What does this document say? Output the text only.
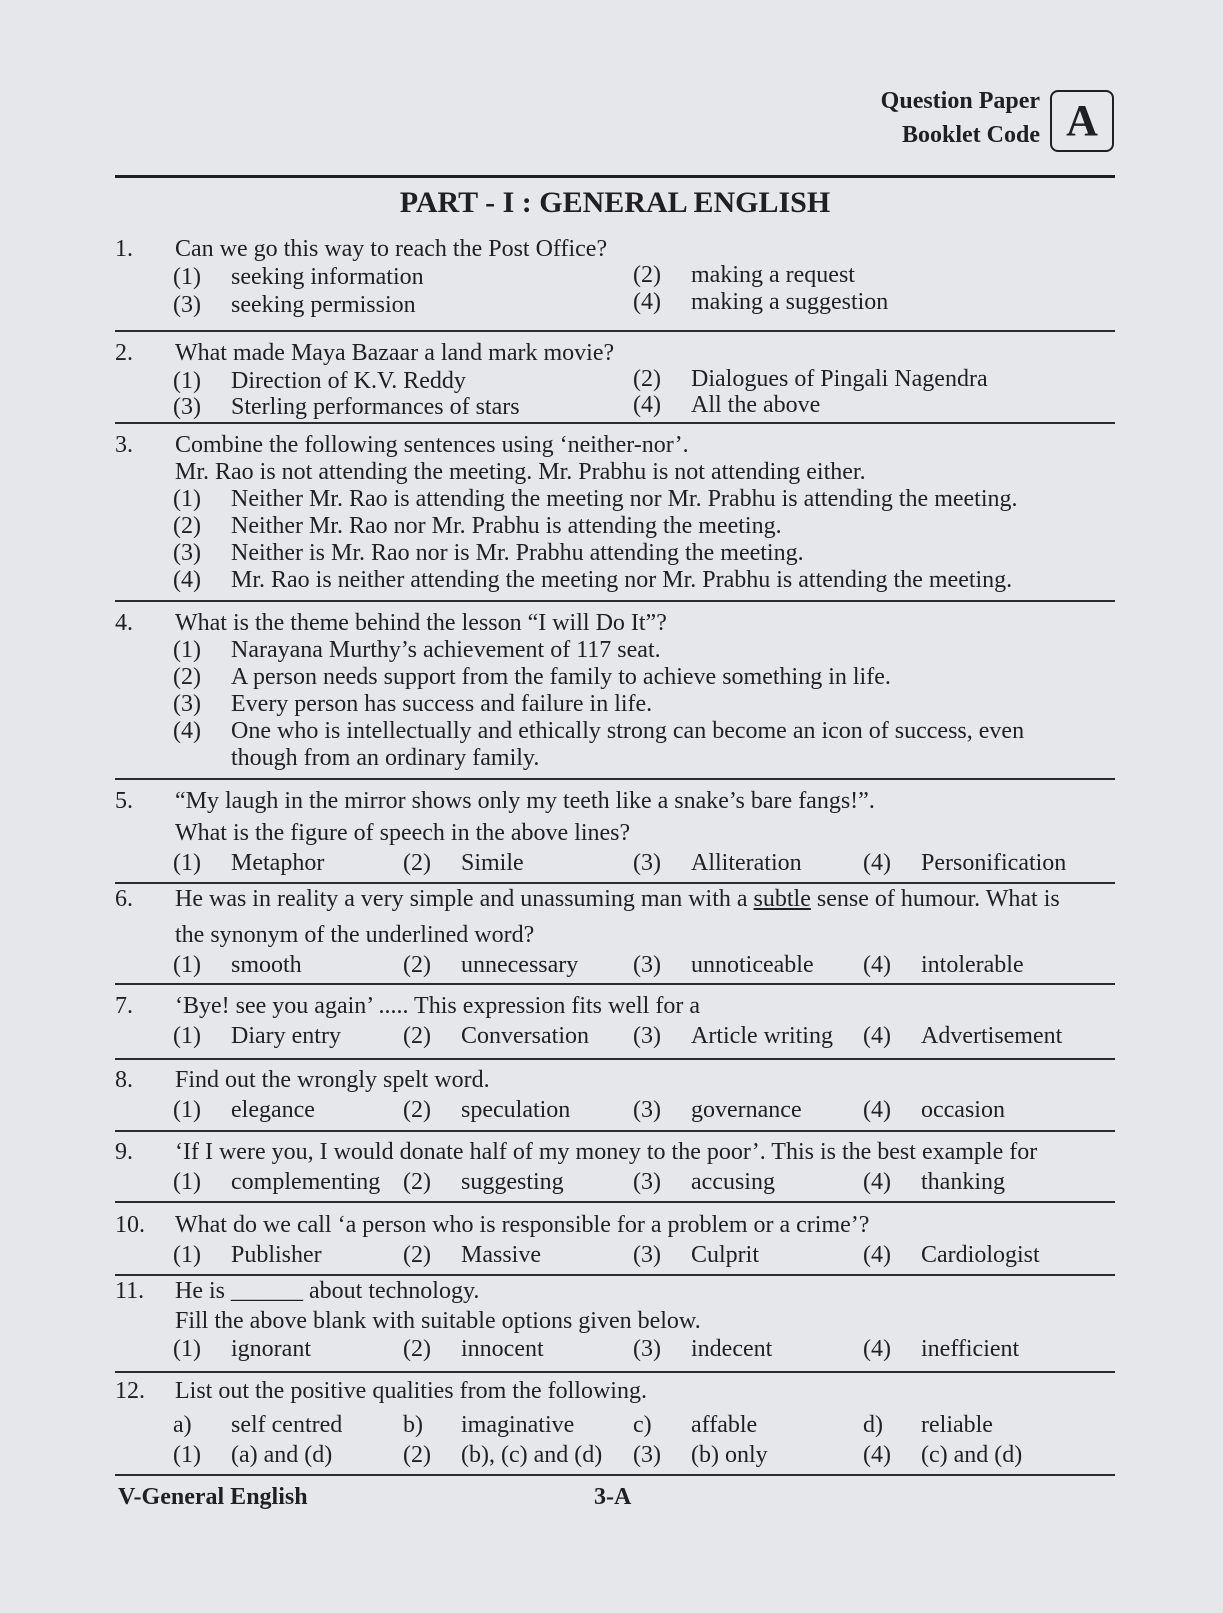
Question Paper
Booklet Code A
PART - I : GENERAL ENGLISH
1. Can we go this way to reach the Post Office?
(1) seeking information	(2) making a request
(3) seeking permission	(4) making a suggestion
2. What made Maya Bazaar a land mark movie?
(1) Direction of K.V. Reddy	(2) Dialogues of Pingali Nagendra
(3) Sterling performances of stars	(4) All the above
3. Combine the following sentences using ‘neither-nor’.
Mr. Rao is not attending the meeting. Mr. Prabhu is not attending either.
(1) Neither Mr. Rao is attending the meeting nor Mr. Prabhu is attending the meeting.
(2) Neither Mr. Rao nor Mr. Prabhu is attending the meeting.
(3) Neither is Mr. Rao nor is Mr. Prabhu attending the meeting.
(4) Mr. Rao is neither attending the meeting nor Mr. Prabhu is attending the meeting.
4. What is the theme behind the lesson “I will Do It”?
(1) Narayana Murthy’s achievement of 117 seat.
(2) A person needs support from the family to achieve something in life.
(3) Every person has success and failure in life.
(4) One who is intellectually and ethically strong can become an icon of success, even
though from an ordinary family.
5. “My laugh in the mirror shows only my teeth like a snake’s bare fangs!”.
What is the figure of speech in the above lines?
(1) Metaphor	(2) Simile	(3) Alliteration	(4) Personification
6. He was in reality a very simple and unassuming man with a subtle sense of humour. What is
the synonym of the underlined word?
(1) smooth	(2) unnecessary (3) unnoticeable (4) intolerable
7. ‘Bye! see you again’ ..... This expression fits well for a
(1) Diary entry	(2) Conversation (3) Article writing (4) Advertisement
8. Find out the wrongly spelt word.
(1) elegance	(2) speculation	(3) governance	(4) occasion
9. ‘If I were you, I would donate half of my money to the poor’. This is the best example for
(1) complementing (2) suggesting	(3) accusing	(4) thanking
10. What do we call ‘a person who is responsible for a problem or a crime’?
(1) Publisher	(2) Massive	(3) Culprit	(4) Cardiologist
11. He is ______ about technology.
Fill the above blank with suitable options given below.
(1) ignorant	(2) innocent	(3) indecent	(4) inefficient
12. List out the positive qualities from the following.
a) self centred	b) imaginative c) affable	d) reliable
(1) (a) and (d)	(2) (b), (c) and (d) (3) (b) only	(4) (c) and (d)
V-General English	3-A
